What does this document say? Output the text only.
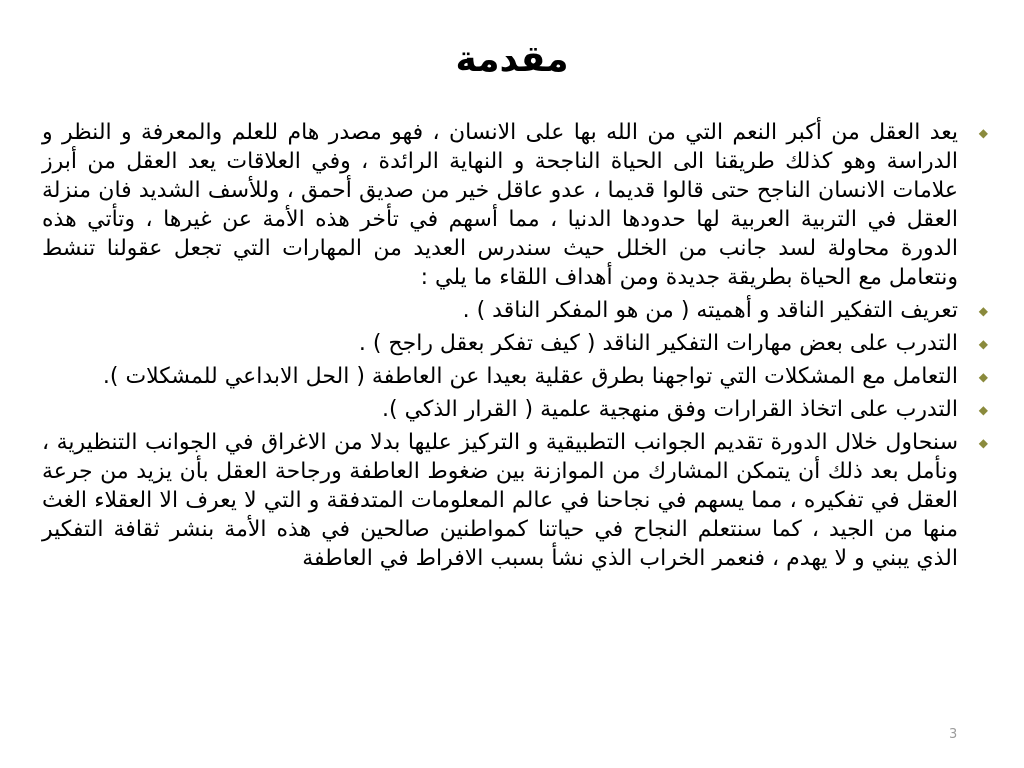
مقدمة
◆
يعد العقل من أكبر النعم التي من الله بها على الانسان ، فهو مصدر هام للعلم والمعرفة و النظر و الدراسة وهو كذلك طريقنا الى الحياة الناجحة و النهاية الرائدة ، وفي العلاقات يعد العقل من أبرز علامات الانسان الناجح حتى قالوا قديما ، عدو عاقل خير من صديق أحمق ، وللأسف الشديد فان منزلة العقل في التربية العربية لها حدودها الدنيا ، مما أسهم في تأخر هذه الأمة عن غيرها ، وتأتي هذه الدورة محاولة لسد جانب من الخلل حيث سندرس العديد من المهارات التي تجعل عقولنا تنشط ونتعامل مع الحياة بطريقة جديدة ومن أهداف اللقاء ما يلي :
◆
تعريف التفكير الناقد و أهميته ( من هو المفكر الناقد ) .
◆
التدرب على بعض مهارات التفكير الناقد ( كيف تفكر بعقل راجح ) .
◆
التعامل مع المشكلات التي تواجهنا بطرق عقلية بعيدا عن العاطفة ( الحل الابداعي للمشكلات ).
◆
التدرب على اتخاذ القرارات وفق منهجية علمية ( القرار الذكي ).
◆
سنحاول خلال الدورة تقديم الجوانب التطبيقية و التركيز عليها بدلا من الاغراق في الجوانب التنظيرية ، ونأمل بعد ذلك أن يتمكن المشارك من الموازنة بين ضغوط العاطفة ورجاحة العقل بأن يزيد من جرعة العقل في تفكيره ، مما يسهم في نجاحنا في عالم المعلومات المتدفقة و التي لا يعرف الا العقلاء الغث منها من الجيد ، كما سنتعلم النجاح في حياتنا كمواطنين صالحين في هذه الأمة بنشر ثقافة التفكير الذي يبني و لا يهدم ، فنعمر الخراب الذي نشأ بسبب الافراط في العاطفة
3
